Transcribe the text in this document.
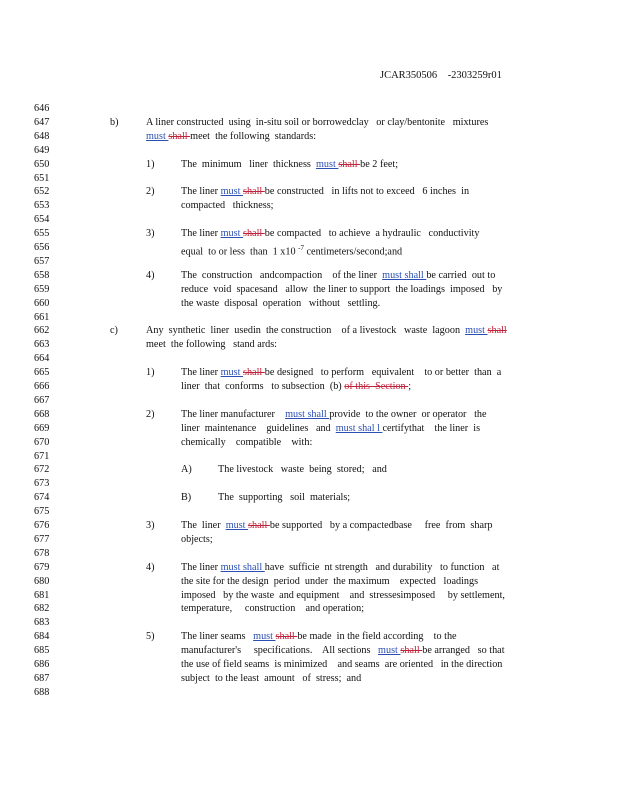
JCAR350506 -2303259r01
646
647	b)	A liner constructed  using  in-situ soil or borrowedclay   or clay/bentonite   mixtures
648	must shall meet  the following  standards:
649
650	1)	The  minimum   liner  thickness  must shall be 2 feet;
651
652	2)	The liner must shall be constructed   in lifts not to exceed   6 inches  in
653	compacted   thickness;
654
655	3)	The liner must shall be compacted   to achieve  a hydraulic   conductivity
656	equal  to or less  than  1 x10 $^{-7}$ centimeters/second;and
657
658	4)	The  construction   andcompaction    of the liner  must shall be carried  out to
659	reduce  void  spacesand   allow  the liner to support  the loadings  imposed   by
660	the waste  disposal  operation   without   settling.
661
662	c)	Any  synthetic  liner  usedin  the construction    of a livestock   waste  lagoon  must shall
663	meet  the following   stand ards:
664
665	1)	The liner must shall be designed   to perform   equivalent    to or better  than  a
666	liner  that  conforms   to subsection  (b) of this  Section ;
667
668	2)	The liner manufacturer    must shall provide  to the owner  or operator   the
669	liner  maintenance    guidelines   and  must shal l certifythat    the liner  is
670	chemically    compatible    with:
671
672	A)	The livestock   waste  being  stored;   and
673
674	B)	The  supporting   soil  materials;
675
676	3)	The  liner  must shall be supported   by a compactedbase     free  from  sharp
677	objects;
678
679	4)	The liner must shall have  sufficie  nt strength   and durability   to function   at
680	the site for the design  period  under  the maximum    expected   loadings
681	imposed   by the waste  and equipment    and  stressesimposed     by settlement,
682	temperature,     construction    and operation;
683
684	5)	The liner seams   must shall be made  in the field according    to the
685	manufacturer's     specifications.    All sections   must shall be arranged   so that
686	the use of field seams  is minimized    and seams  are oriented   in the direction
687	subject  to the least  amount   of  stress;  and
688
